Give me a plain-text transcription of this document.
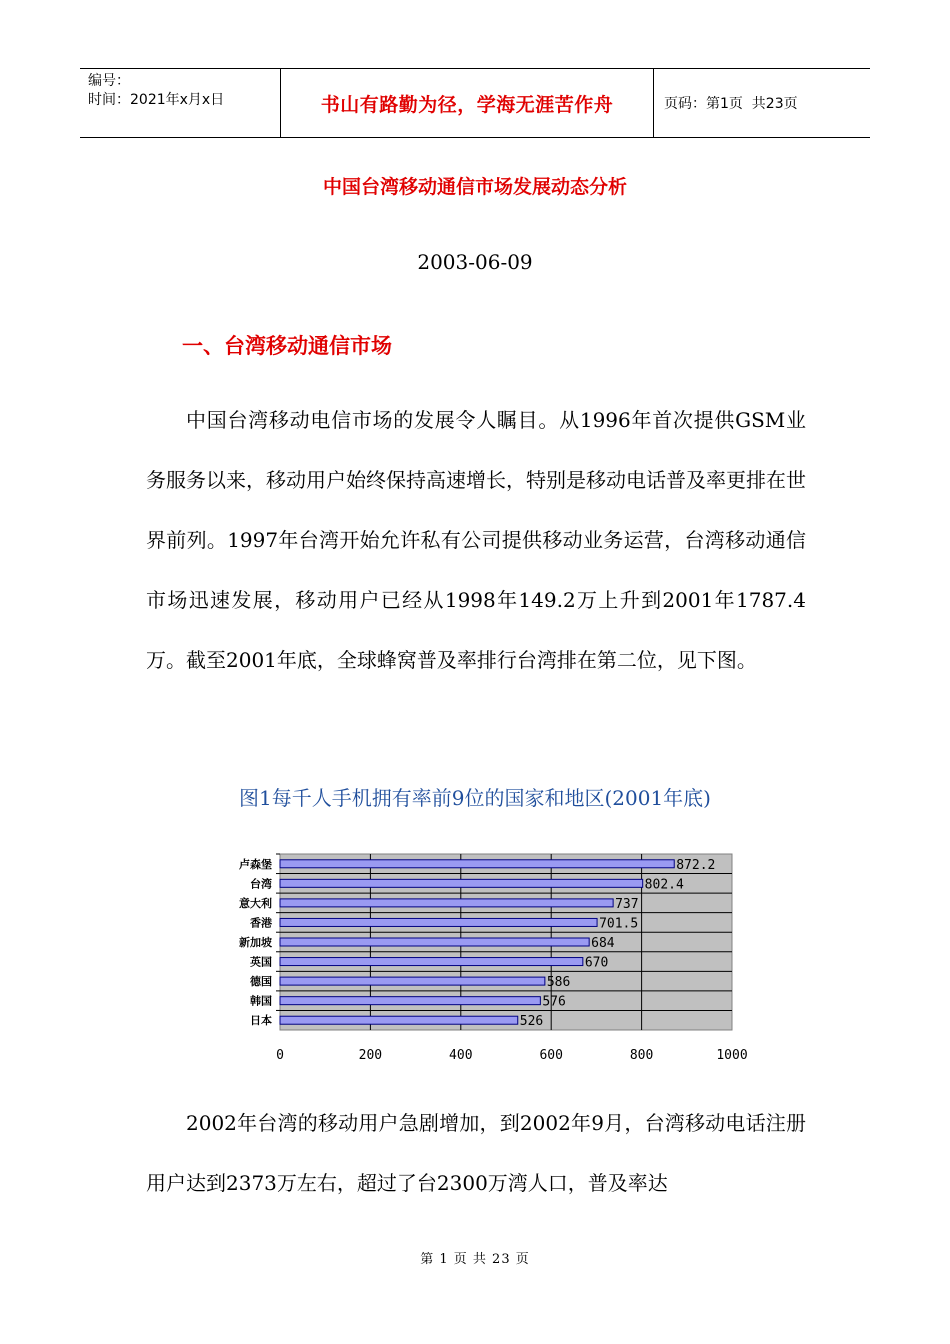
编号：
时间：2021年x月x日	书山有路勤为径，学海无涯苦作舟	页码：第1页  共23页
中国台湾移动通信市场发展动态分析
2003-06-09
一、台湾移动通信市场

中国台湾移动电信市场的发展令人瞩目。从1996年首次提供GSM业务服务以来，移动用户始终保持高速增长，特别是移动电话普及率更排在世界前列。1997年台湾开始允许私有公司提供移动业务运营，台湾移动通信市场迅速发展，移动用户已经从1998年149.2万上升到2001年1787.4万。截至2001年底，全球蜂窝普及率排行台湾排在第二位，见下图。

图1每千人手机拥有率前9位的国家和地区(2001年底)
0	200	400	600	800	1000
卢森堡	872.2
台湾	802.4
意大利	737
香港	701.5
新加坡	684
英国	670
德国	586
韩国	576
日本	526

2002年台湾的移动用户急剧增加，到2002年9月，台湾移动电话注册用户达到2373万左右，超过了台2300万湾人口，普及率达

第 1 页 共 23 页
